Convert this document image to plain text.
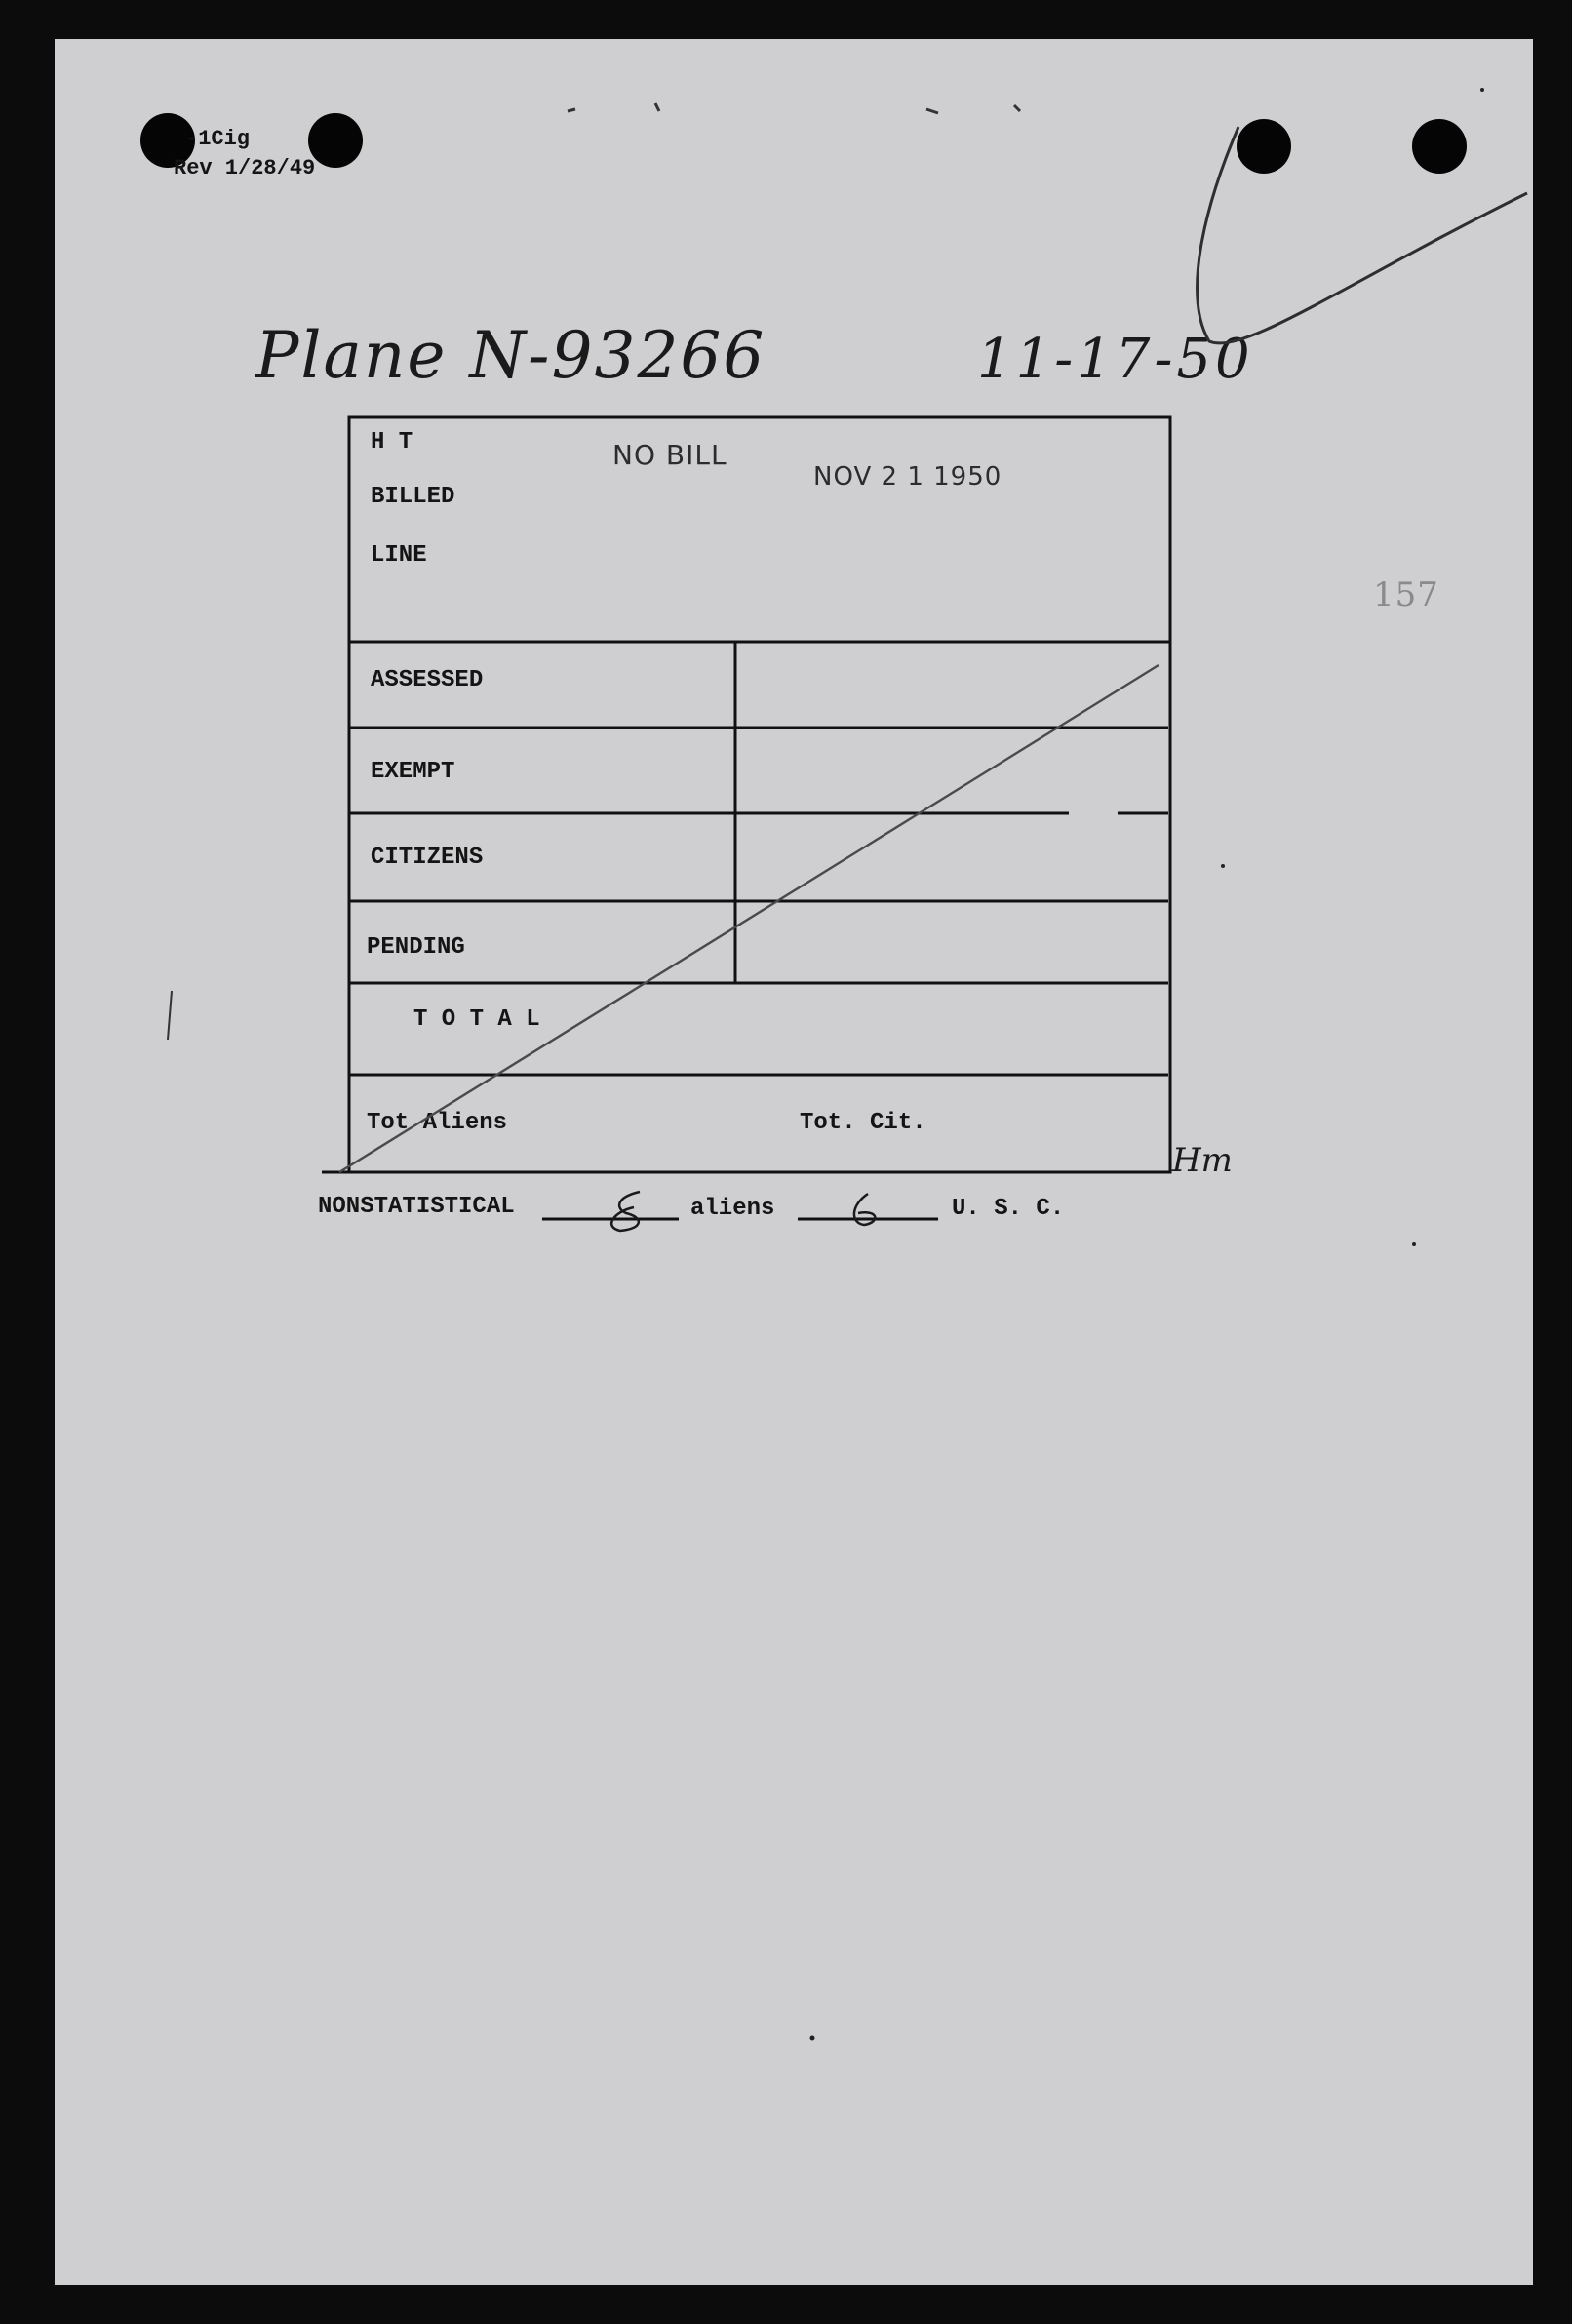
-1Cig
Rev 1/28/49
Plane N-93266	11-17-50
157
H T
BILLED
LINE
NO BILL
NOV 2 1 1950
ASSESSED
EXEMPT
CITIZENS
PENDING
T O T A L
Tot Aliens	Tot. Cit.
Hm
NONSTATISTICAL	aliens	U. S. C.
